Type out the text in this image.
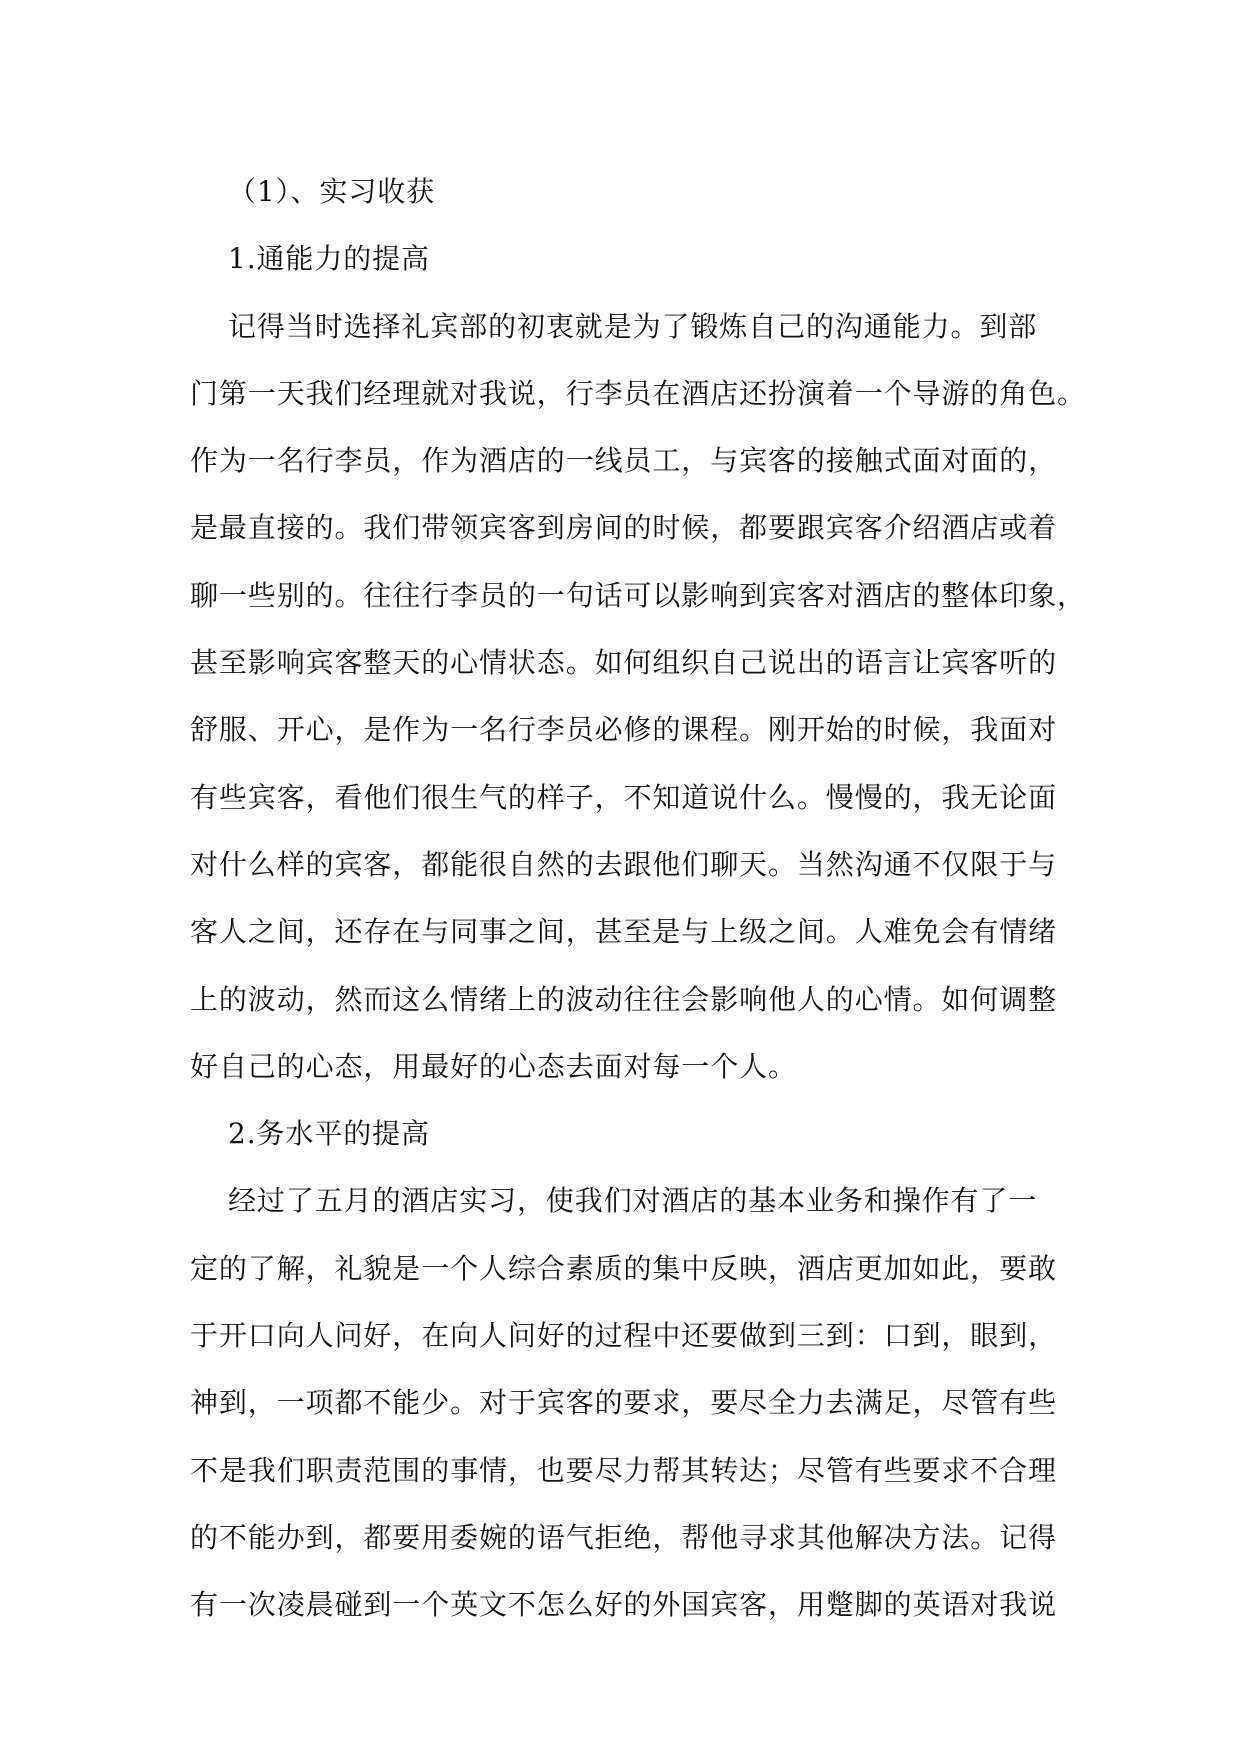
（1）、实习收获

1.通能力的提高

记得当时选择礼宾部的初衷就是为了锻炼自己的沟通能力。到部
门第一天我们经理就对我说，行李员在酒店还扮演着一个导游的角色。
作为一名行李员，作为酒店的一线员工，与宾客的接触式面对面的，
是最直接的。我们带领宾客到房间的时候，都要跟宾客介绍酒店或着
聊一些别的。往往行李员的一句话可以影响到宾客对酒店的整体印象，
甚至影响宾客整天的心情状态。如何组织自己说出的语言让宾客听的
舒服、开心，是作为一名行李员必修的课程。刚开始的时候，我面对
有些宾客，看他们很生气的样子，不知道说什么。慢慢的，我无论面
对什么样的宾客，都能很自然的去跟他们聊天。当然沟通不仅限于与
客人之间，还存在与同事之间，甚至是与上级之间。人难免会有情绪
上的波动，然而这么情绪上的波动往往会影响他人的心情。如何调整
好自己的心态，用最好的心态去面对每一个人。

2.务水平的提高

经过了五月的酒店实习，使我们对酒店的基本业务和操作有了一
定的了解，礼貌是一个人综合素质的集中反映，酒店更加如此，要敢
于开口向人问好，在向人问好的过程中还要做到三到：口到，眼到，
神到，一项都不能少。对于宾客的要求，要尽全力去满足，尽管有些
不是我们职责范围的事情，也要尽力帮其转达；尽管有些要求不合理
的不能办到，都要用委婉的语气拒绝，帮他寻求其他解决方法。记得
有一次凌晨碰到一个英文不怎么好的外国宾客，用蹩脚的英语对我说
